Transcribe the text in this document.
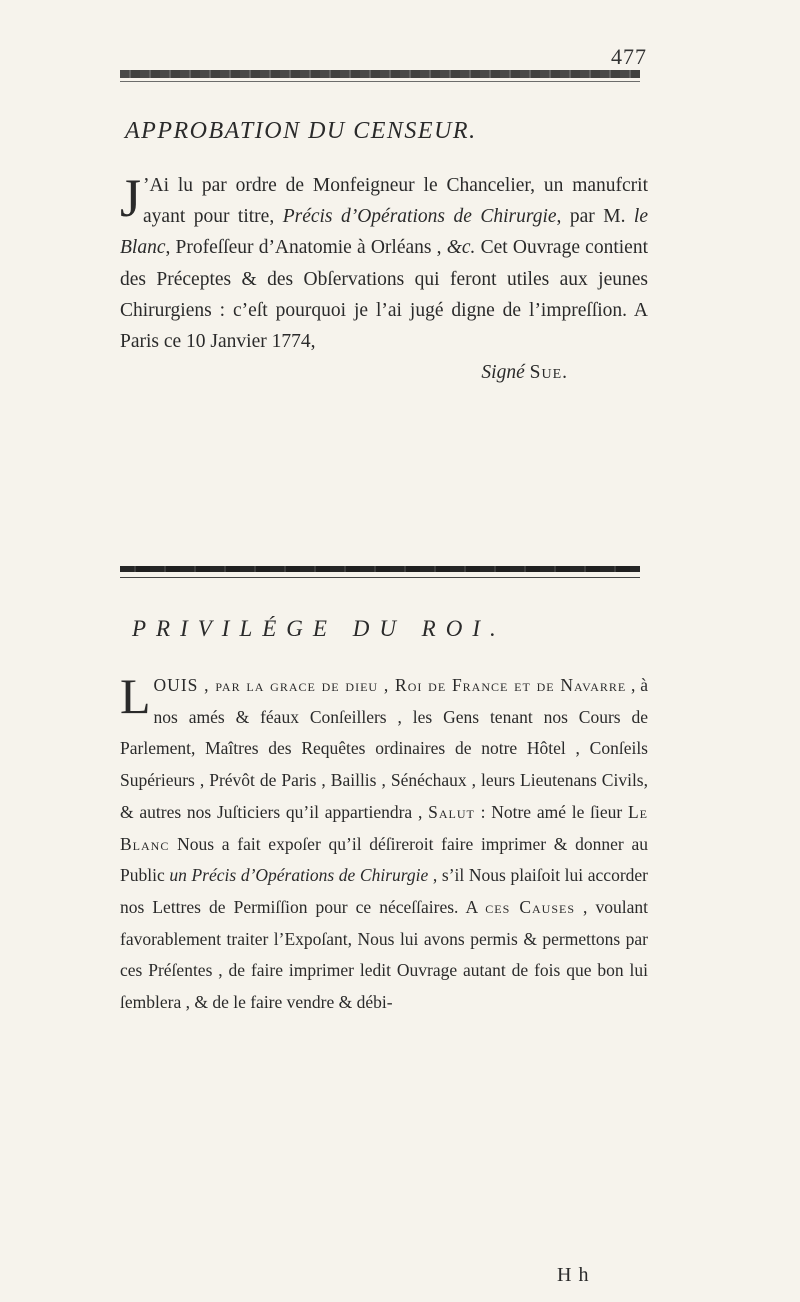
477
APPROBATION DU CENSEUR.
J ’Ai lu par ordre de Monfeigneur le Chancelier, un manufcrit ayant pour titre, Précis d’Opérations de Chirurgie, par M. le Blanc, Profeſſeur d’Anatomie à Orléans , &c. Cet Ouvrage contient des Préceptes & des Obſervations qui feront utiles aux jeunes Chirurgiens : c’eſt pourquoi je l’ai jugé digne de l’impreſſion. A Paris ce 10 Janvier 1774,
Signé Sue.
PRIVILÉGE DU ROI.
LOUIS , par la grace de dieu , Roi de France et de Navarre , à nos amés & féaux Conſeillers , les Gens tenant nos Cours de Parlement, Maîtres des Requêtes ordinaires de notre Hôtel , Conſeils Supérieurs , Prévôt de Paris , Baillis , Sénéchaux , leurs Lieutenans Civils, & autres nos Juſticiers qu’il appartiendra , Salut : Notre amé le ſieur Le Blanc Nous a fait expoſer qu’il déſireroit faire imprimer & donner au Public un Précis d’Opérations de Chirurgie , s’il Nous plaiſoit lui accorder nos Lettres de Permiſſion pour ce néceſſaires. A ces Causes , voulant favorablement traiter l’Expoſant, Nous lui avons permis & permettons par ces Préſentes , de faire imprimer ledit Ouvrage autant de fois que bon lui ſemblera , & de le faire vendre & débi-
H h
